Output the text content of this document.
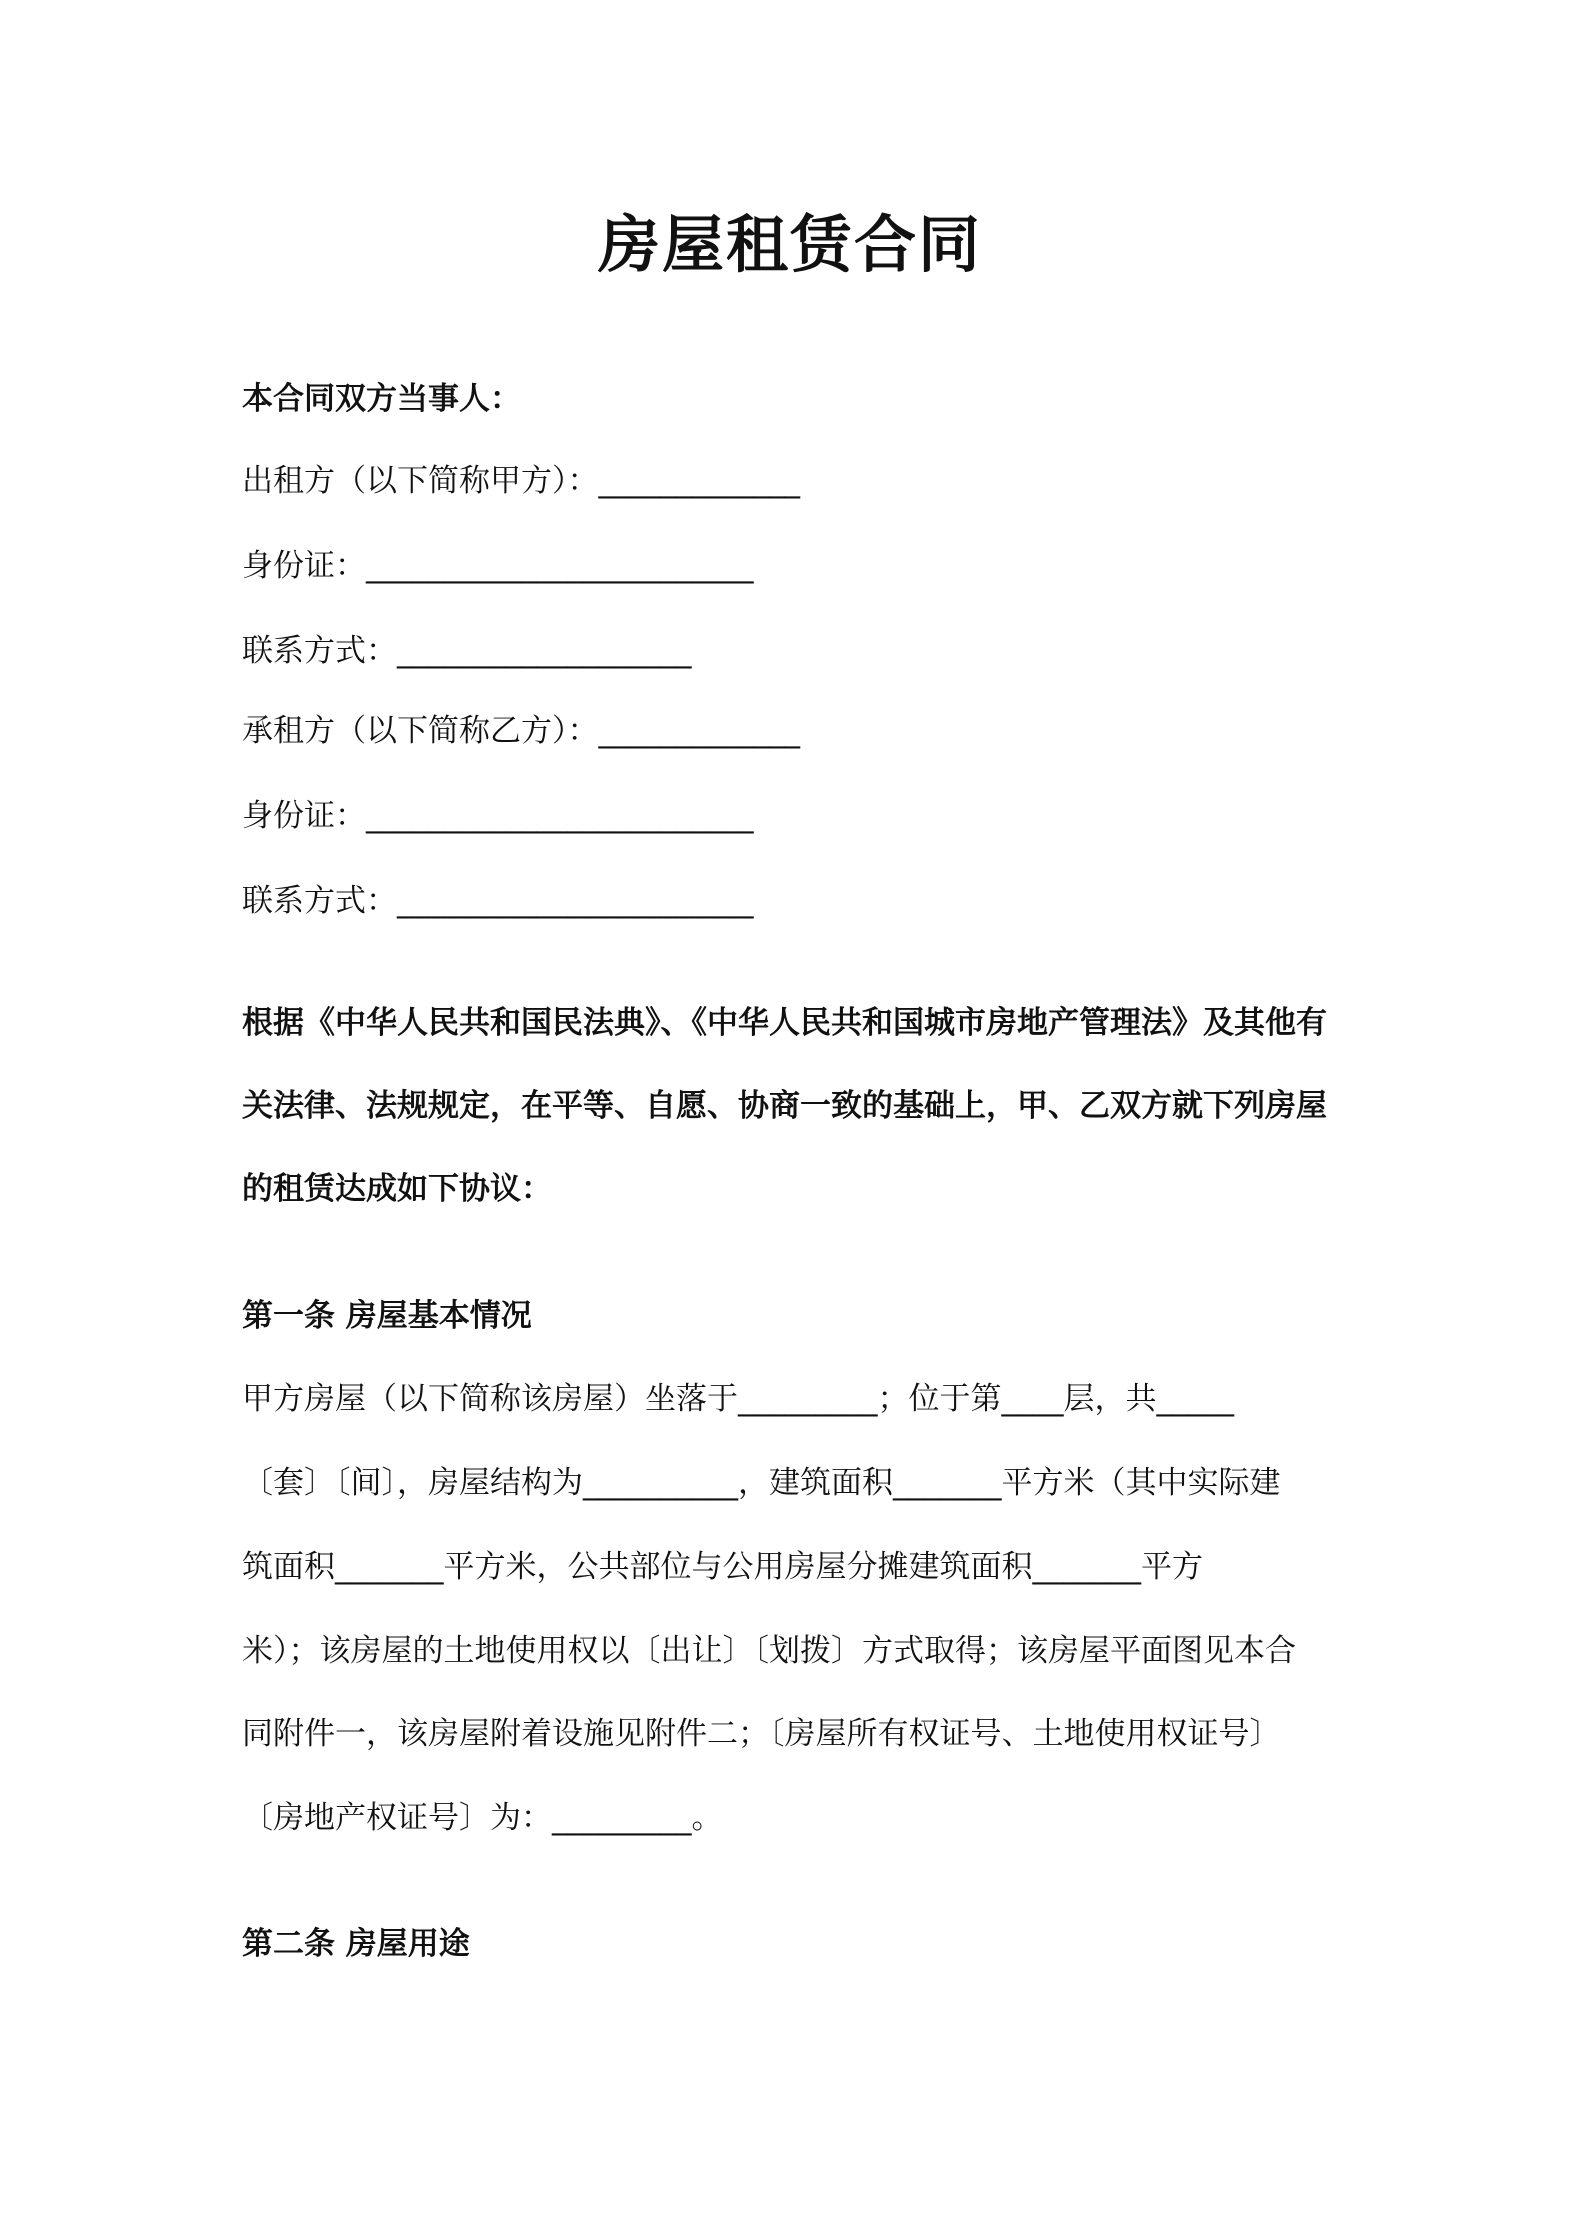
房屋租赁合同
本合同双方当事人：
出租方（以下简称甲方）：_____________
身份证：_________________________
联系方式：___________________
承租方（以下简称乙方）：_____________
身份证：_________________________
联系方式：_______________________
根据《中华人民共和国民法典》、《中华人民共和国城市房地产管理法》及其他有
关法律、法规规定，在平等、自愿、协商一致的基础上，甲、乙双方就下列房屋
的租赁达成如下协议：
第一条 房屋基本情况
甲方房屋（以下简称该房屋）坐落于_________；位于第____层，共_____
〔套〕〔间〕，房屋结构为__________，建筑面积_______平方米（其中实际建
筑面积_______平方米，公共部位与公用房屋分摊建筑面积_______平方
米）；该房屋的土地使用权以〔出让〕〔划拨〕方式取得；该房屋平面图见本合
同附件一，该房屋附着设施见附件二；〔房屋所有权证号、土地使用权证号〕
〔房地产权证号〕为：_________。
第二条 房屋用途
